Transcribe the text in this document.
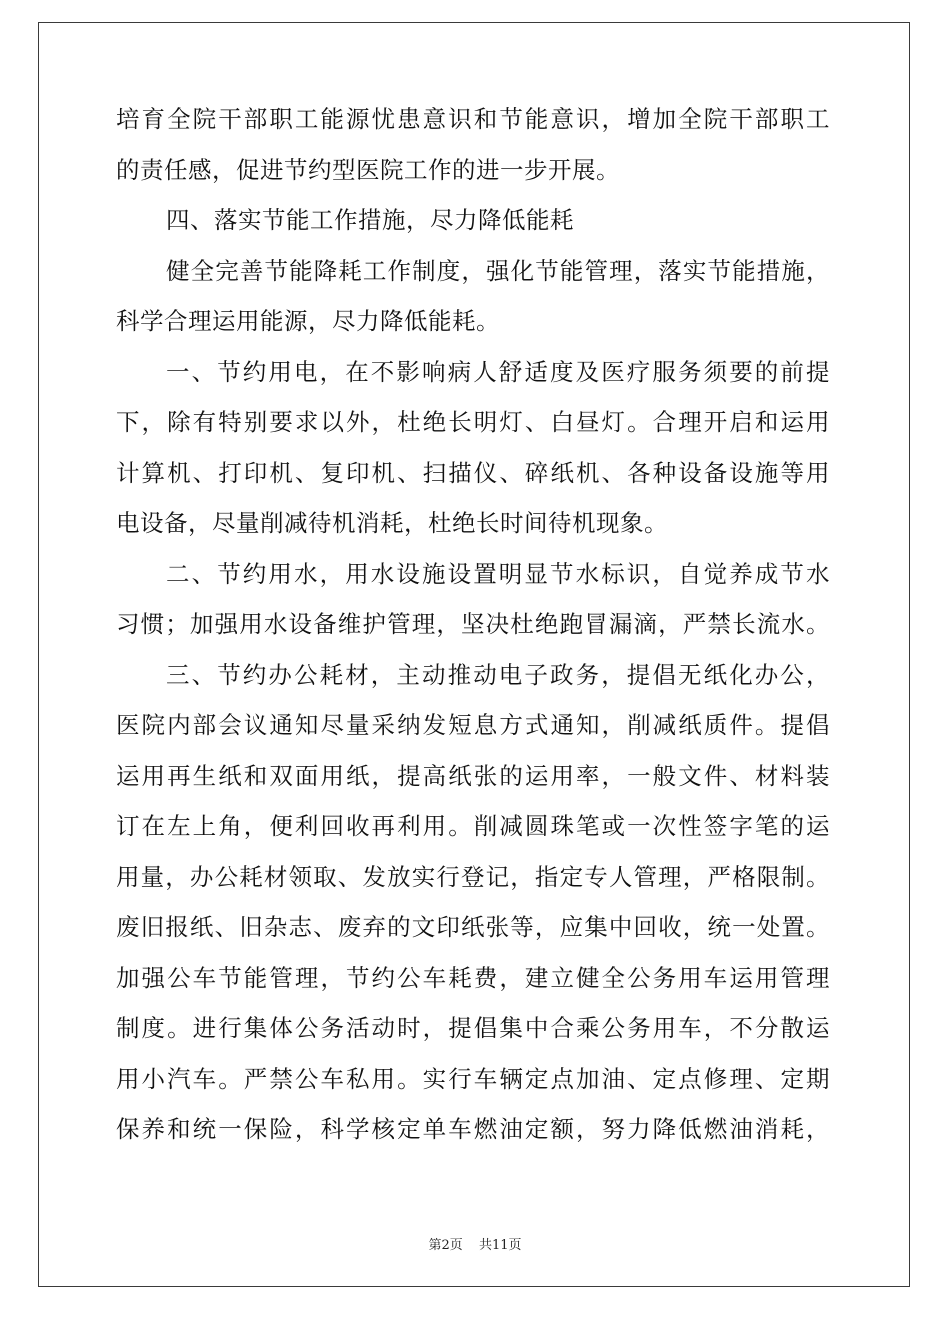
培育全院干部职工能源忧患意识和节能意识，增加全院干部职工
的责任感，促进节约型医院工作的进一步开展。
四、落实节能工作措施，尽力降低能耗
健全完善节能降耗工作制度，强化节能管理，落实节能措施，
科学合理运用能源，尽力降低能耗。
一、节约用电，在不影响病人舒适度及医疗服务须要的前提
下，除有特别要求以外，杜绝长明灯、白昼灯。合理开启和运用
计算机、打印机、复印机、扫描仪、碎纸机、各种设备设施等用
电设备，尽量削减待机消耗，杜绝长时间待机现象。
二、节约用水，用水设施设置明显节水标识，自觉养成节水
习惯；加强用水设备维护管理，坚决杜绝跑冒漏滴，严禁长流水。
三、节约办公耗材，主动推动电子政务，提倡无纸化办公，
医院内部会议通知尽量采纳发短息方式通知，削减纸质件。提倡
运用再生纸和双面用纸，提高纸张的运用率，一般文件、材料装
订在左上角，便利回收再利用。削减圆珠笔或一次性签字笔的运
用量，办公耗材领取、发放实行登记，指定专人管理，严格限制。
废旧报纸、旧杂志、废弃的文印纸张等，应集中回收，统一处置。
加强公车节能管理，节约公车耗费，建立健全公务用车运用管理
制度。进行集体公务活动时，提倡集中合乘公务用车，不分散运
用小汽车。严禁公车私用。实行车辆定点加油、定点修理、定期
保养和统一保险，科学核定单车燃油定额，努力降低燃油消耗，
第2页 共11页
